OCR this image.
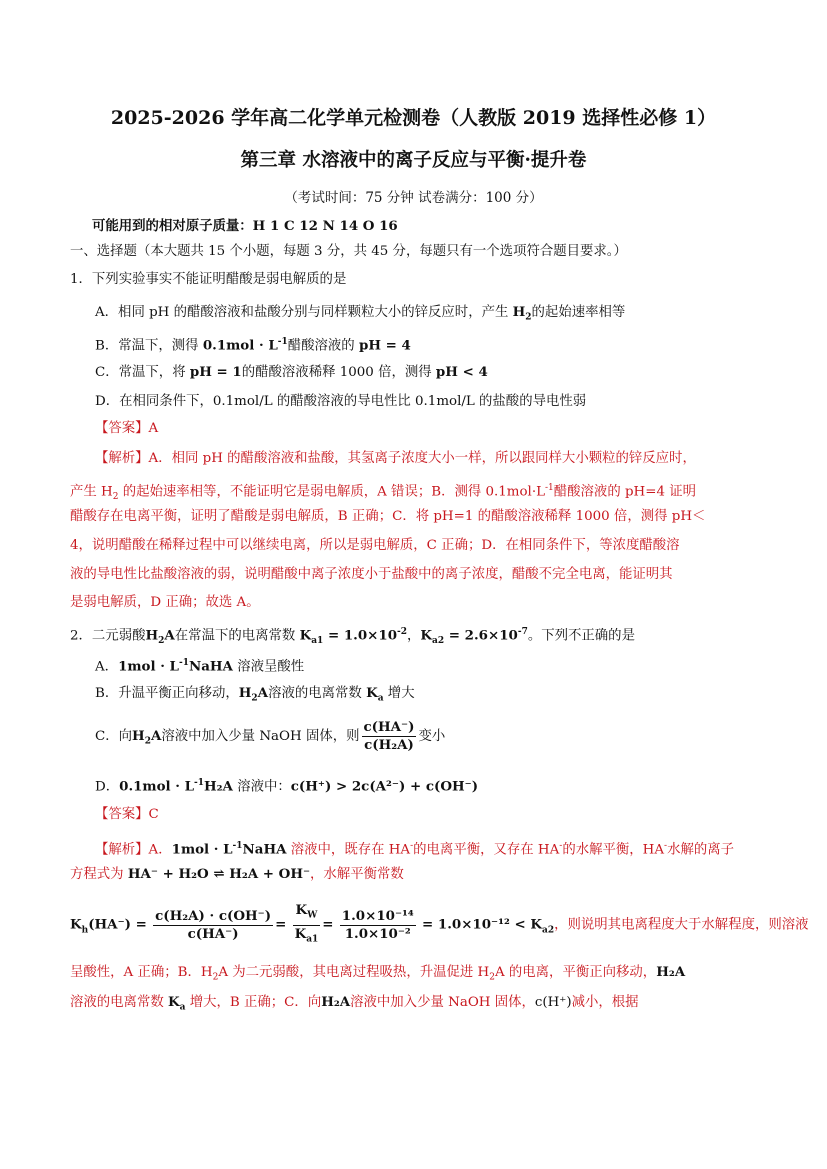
2025-2026 学年高二化学单元检测卷（人教版 2019 选择性必修 1）
第三章 水溶液中的离子反应与平衡·提升卷
（考试时间：75 分钟 试卷满分：100 分）
可能用到的相对原子质量：H 1 C 12 N 14 O 16
一、选择题（本大题共 15 个小题，每题 3 分，共 45 分，每题只有一个选项符合题目要求。）
1．下列实验事实不能证明醋酸是弱电解质的是
A．相同 pH 的醋酸溶液和盐酸分别与同样颗粒大小的锌反应时，产生 $H_2$的起始速率相等
B．常温下，测得 $0.1mol \cdot L^{-1}$醋酸溶液的 pH = 4
C．常温下，将 pH = 1的醋酸溶液稀释 1000 倍，测得 pH < 4
D．在相同条件下，0.1mol/L 的醋酸溶液的导电性比 0.1mol/L 的盐酸的导电性弱
【答案】A
【解析】A．相同 pH 的醋酸溶液和盐酸，其氢离子浓度大小一样，所以跟同样大小颗粒的锌反应时，
产生 $H_2$ 的起始速率相等，不能证明它是弱电解质，A 错误；B．测得 $0.1mol\cdot L^{-1}$醋酸溶液的 pH=4 证明
醋酸存在电离平衡，证明了醋酸是弱电解质，B 正确；C．将 pH=1 的醋酸溶液稀释 1000 倍，测得 pH＜
4，说明醋酸在稀释过程中可以继续电离，所以是弱电解质，C 正确；D．在相同条件下，等浓度醋酸溶
液的导电性比盐酸溶液的弱，说明醋酸中离子浓度小于盐酸中的离子浓度，醋酸不完全电离，能证明其
是弱电解质，D 正确；故选 A。
2．二元弱酸$H_2A$在常温下的电离常数 $K_{a1} = 1.0\times 10^{-2}$，$K_{a2} = 2.6\times 10^{-7}$。下列不正确的是
A．$1mol \cdot L^{-1}NaHA$ 溶液呈酸性
B．升温平衡正向移动，$H_2A$溶液的电离常数 $K_a$ 增大
C．向$H_2A$溶液中加入少量 NaOH 固体，则 $\frac{c(HA^-)}{\text{c(H₂A)}}$ 变小
D．$0.1mol \cdot L^{-1}H_2A$ 溶液中：c(H⁺) > 2c(A²⁻) + c(OH⁻)
【答案】C
【解析】A．$1mol \cdot L^{-1}NaHA$ 溶液中，既存在 HA-的电离平衡，又存在 HA-的水解平衡，HA-水解的离子
方程式为 HA⁻ + H₂O ⇌ H₂A + OH⁻，水解平衡常数
$K_h(HA^-) = \frac{\text{c(H₂A) · c(OH⁻)}}{c(HA^-)} = \frac{K_W}{K_{a1}} = \frac{\text{1.0×10⁻¹⁴}}{\text{1.0×10⁻²}} = 1.0\times 10^{-12} < K_{a2}$，则说明其电离程度大于水解程度，则溶液
呈酸性，A 正确；B．$H_2A$ 为二元弱酸，其电离过程吸热，升温促进 $H_2A$ 的电离，平衡正向移动，H₂A
溶液的电离常数 $K_a$ 增大，B 正确；C．向H₂A溶液中加入少量 NaOH 固体，c(H⁺)减小，根据
